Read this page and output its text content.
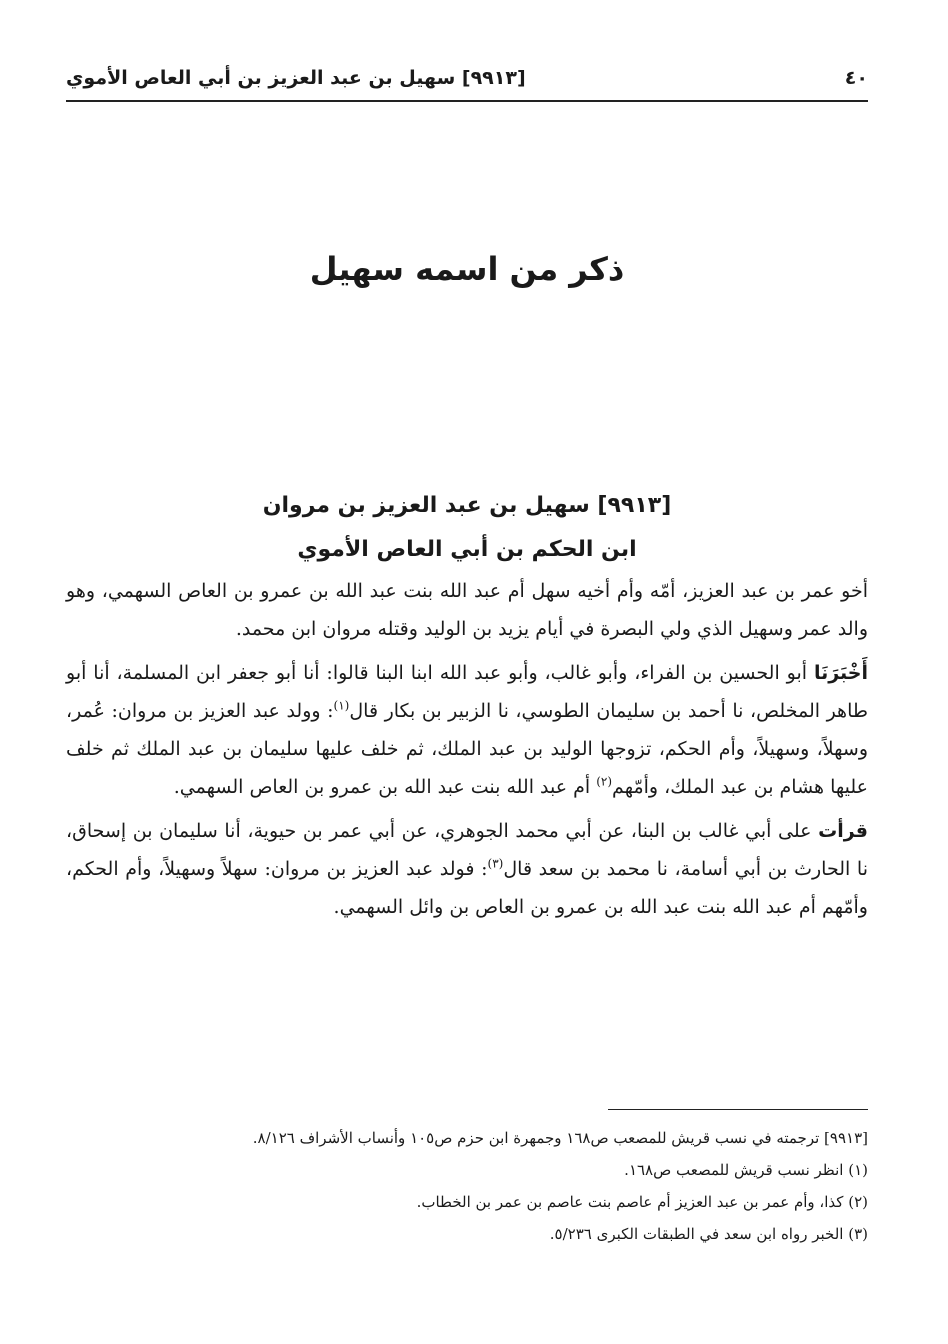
٤٠
[٩٩١٣] سهيل بن عبد العزيز بن أبي العاص الأموي
ذكر من اسمه سهيل
[٩٩١٣] سهيل بن عبد العزيز بن مروان
ابن الحكم بن أبي العاص الأموي

أخو عمر بن عبد العزيز، أمّه وأم أخيه سهل أم عبد الله بنت عبد الله بن عمرو بن العاص السهمي، وهو والد عمر وسهيل الذي ولي البصرة في أيام يزيد بن الوليد وقتله مروان ابن محمد.

أَخْبَرَنَا أبو الحسين بن الفراء، وأبو غالب، وأبو عبد الله ابنا البنا قالوا: أنا أبو جعفر ابن المسلمة، أنا أبو طاهر المخلص، نا أحمد بن سليمان الطوسي، نا الزبير بن بكار قال$^{(١)}$: وولد عبد العزيز بن مروان: عُمر، وسهلاً، وسهيلاً، وأم الحكم، تزوجها الوليد بن عبد الملك، ثم خلف عليها سليمان بن عبد الملك ثم خلف عليها هشام بن عبد الملك، وأمّهم$^{(٢)}$ أم عبد الله بنت عبد الله بن عمرو بن العاص السهمي.

قرأت على أبي غالب بن البنا، عن أبي محمد الجوهري، عن أبي عمر بن حيوية، أنا سليمان بن إسحاق، نا الحارث بن أبي أسامة، نا محمد بن سعد قال$^{(٣)}$: فولد عبد العزيز بن مروان: سهلاً وسهيلاً، وأم الحكم، وأمّهم أم عبد الله بنت عبد الله بن عمرو بن العاص بن وائل السهمي.

[٩٩١٣] ترجمته في نسب قريش للمصعب ص١٦٨ وجمهرة ابن حزم ص١٠٥ وأنساب الأشراف ٨/١٢٦.

(١) انظر نسب قريش للمصعب ص١٦٨.

(٢) كذا، وأم عمر بن عبد العزيز أم عاصم بنت عاصم بن عمر بن الخطاب.

(٣) الخبر رواه ابن سعد في الطبقات الكبرى ٥/٢٣٦.
